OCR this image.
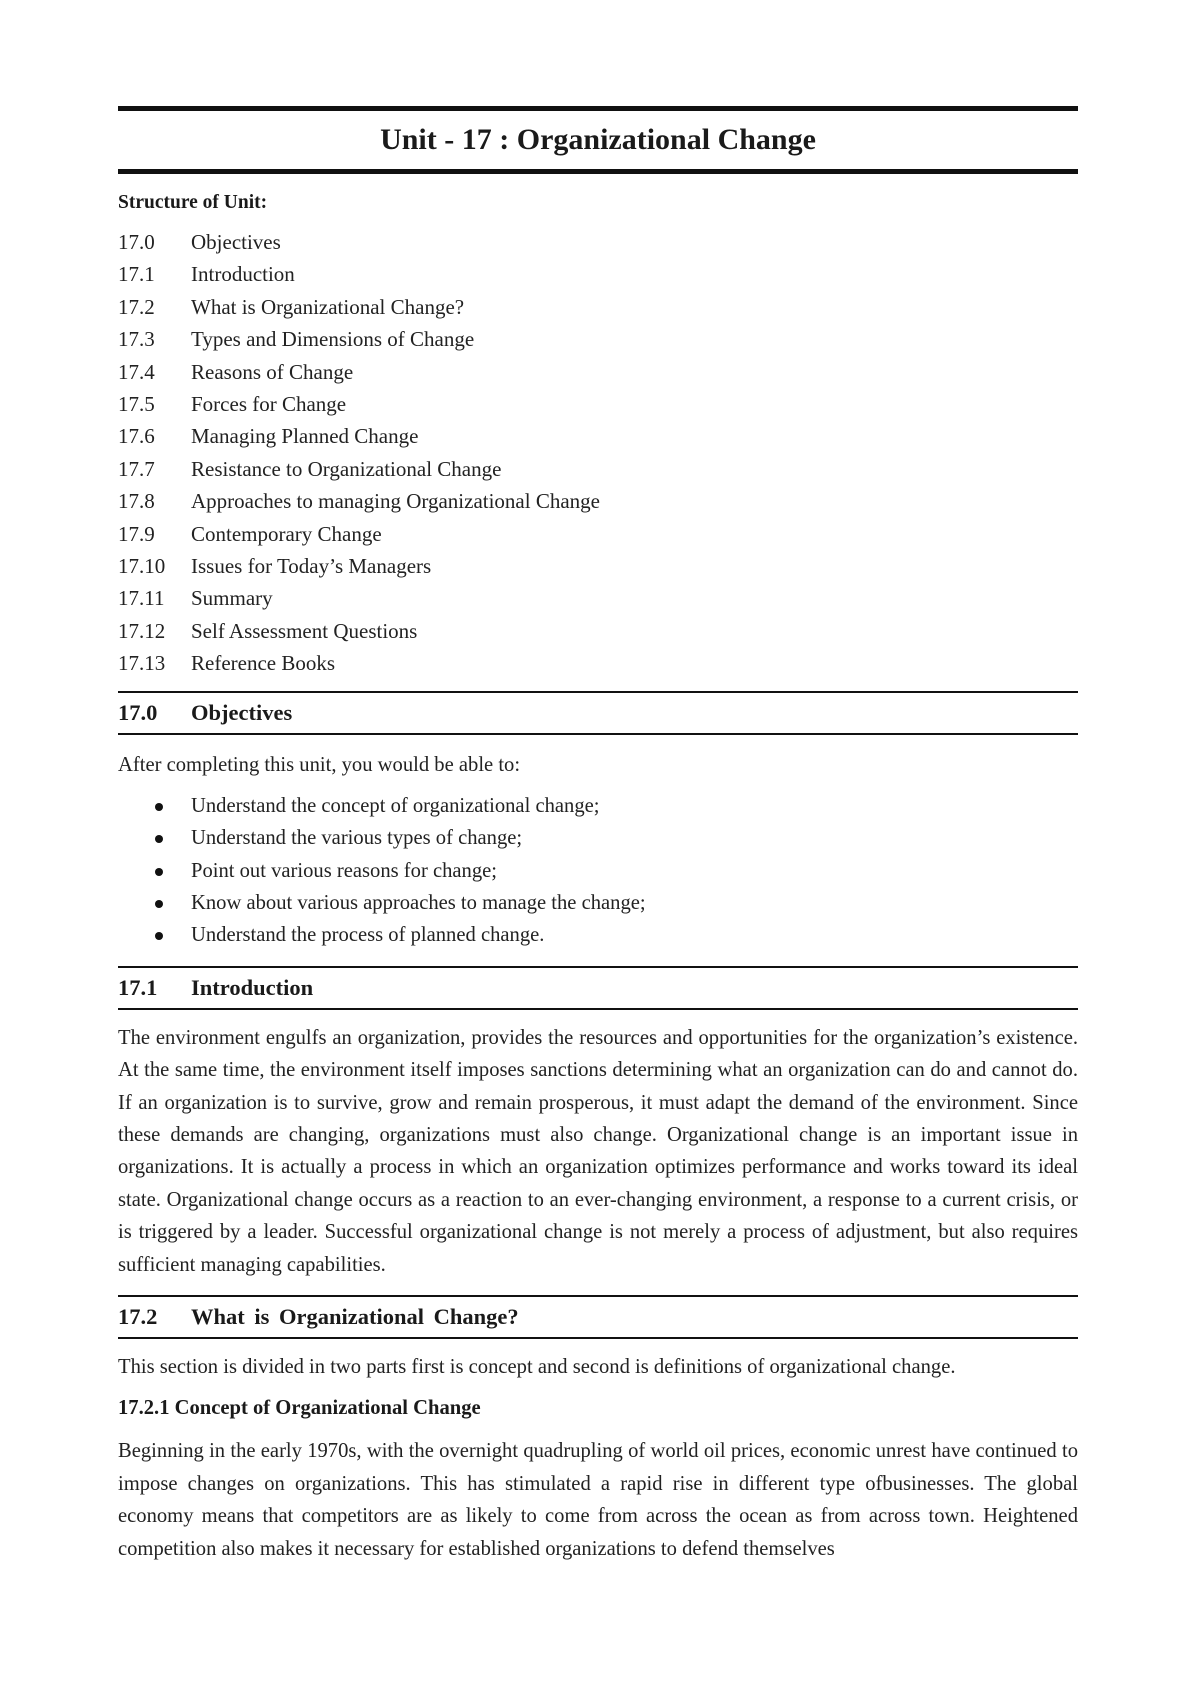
Unit - 17 : Organizational Change
Structure of Unit:
17.0	Objectives
17.1	Introduction
17.2	What is Organizational Change?
17.3	Types and Dimensions of Change
17.4	Reasons of Change
17.5	Forces for Change
17.6	Managing Planned Change
17.7	Resistance to Organizational Change
17.8	Approaches to managing Organizational Change
17.9	Contemporary Change
17.10	Issues for Today’s Managers
17.11	Summary
17.12	Self Assessment Questions
17.13	Reference Books
17.0	Objectives

After completing this unit, you would be able to:

Understand the concept of organizational change;
Understand the various types of change;
Point out various reasons for change;
Know about various approaches to manage the change;
Understand the process of planned change.
17.1	Introduction

The environment engulfs an organization, provides the resources and opportunities for the organization’s existence. At the same time, the environment itself imposes sanctions determining what an organization can do and cannot do. If an organization is to survive, grow and remain prosperous, it must adapt the demand of the environment. Since these demands are changing, organizations must also change. Organizational change is an important issue in organizations. It is actually a process in which an organization optimizes performance and works toward its ideal state. Organizational change occurs as a reaction to an ever-changing environment, a response to a current crisis, or is triggered by a leader. Successful organizational change is not merely a process of adjustment, but also requires sufficient managing capabilities.

17.2	What is Organizational Change?

This section is divided in two parts first is concept and second is definitions of organizational change.

17.2.1 Concept of Organizational Change

Beginning in the early 1970s, with the overnight quadrupling of world oil prices, economic unrest have continued to impose changes on organizations. This has stimulated a rapid rise in different type ofbusinesses. The global economy means that competitors are as likely to come from across the ocean as from across town. Heightened competition also makes it necessary for established organizations to defend themselves
